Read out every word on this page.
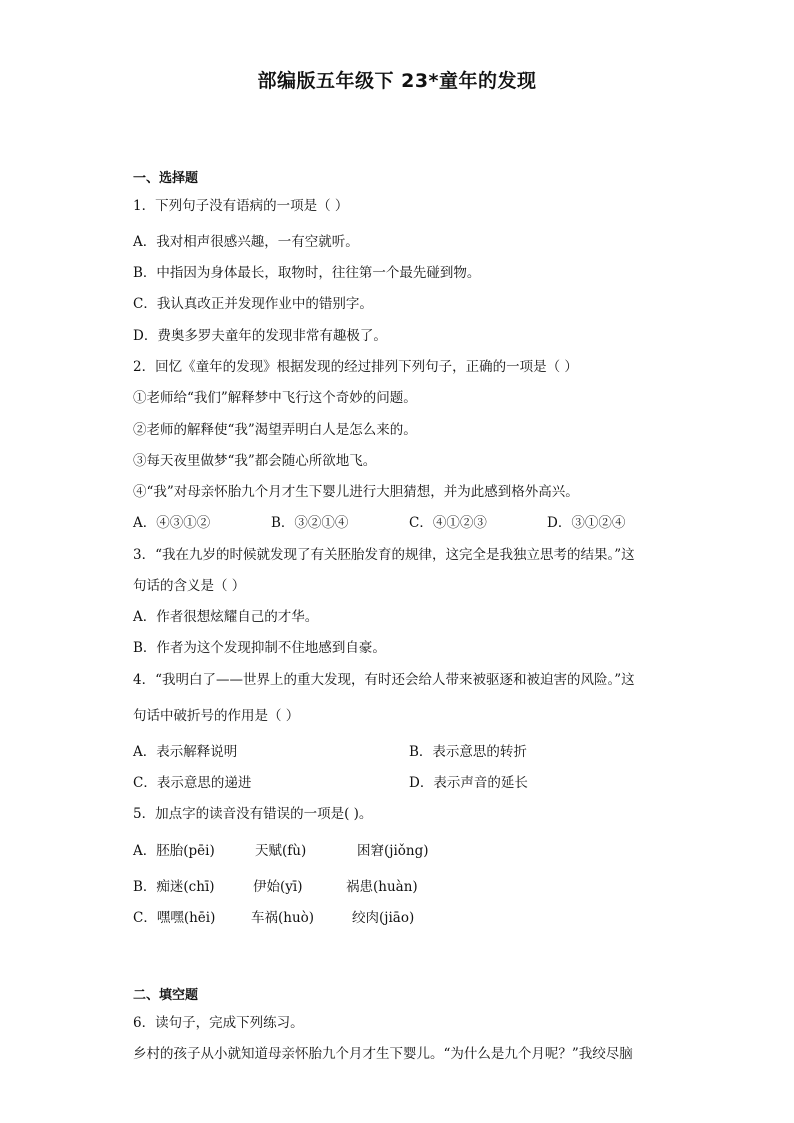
部编版五年级下 23*童年的发现
一、选择题
1．下列句子没有语病的一项是（ ）
A．我对相声很感兴趣，一有空就听。
B．中指因为身体最长，取物时，往往第一个最先碰到物。
C．我认真改正并发现作业中的错别字。
D．费奥多罗夫童年的发现非常有趣极了。
2．回忆《童年的发现》根据发现的经过排列下列句子，正确的一项是（ ）
①老师给“我们”解释梦中飞行这个奇妙的问题。
②老师的解释使“我”渴望弄明白人是怎么来的。
③每天夜里做梦“我”都会随心所欲地飞。
④“我”对母亲怀胎九个月才生下婴儿进行大胆猜想，并为此感到格外高兴。
A．④③①②	B．③②①④	C．④①②③	D．③①②④
3．“我在九岁的时候就发现了有关胚胎发育的规律，这完全是我独立思考的结果。”这
句话的含义是（ ）
A．作者很想炫耀自己的才华。
B．作者为这个发现抑制不住地感到自豪。
4．“我明白了——世界上的重大发现，有时还会给人带来被驱逐和被迫害的风险。”这
句话中破折号的作用是（ ）
A．表示解释说明	B．表示意思的转折
C．表示意思的递进	D．表示声音的延长
5．加点字的读音没有错误的一项是( )。
A．胚胎(pēi)	天赋(fù)	困窘(jiǒng)
B．痴迷(chī)	伊始(yī)	祸患(huàn)
C．嘿嘿(hēi)	车祸(huò)	绞肉(jiāo)
二、填空题
6．读句子，完成下列练习。
乡村的孩子从小就知道母亲怀胎九个月才生下婴儿。“为什么是九个月呢？”我绞尽脑
